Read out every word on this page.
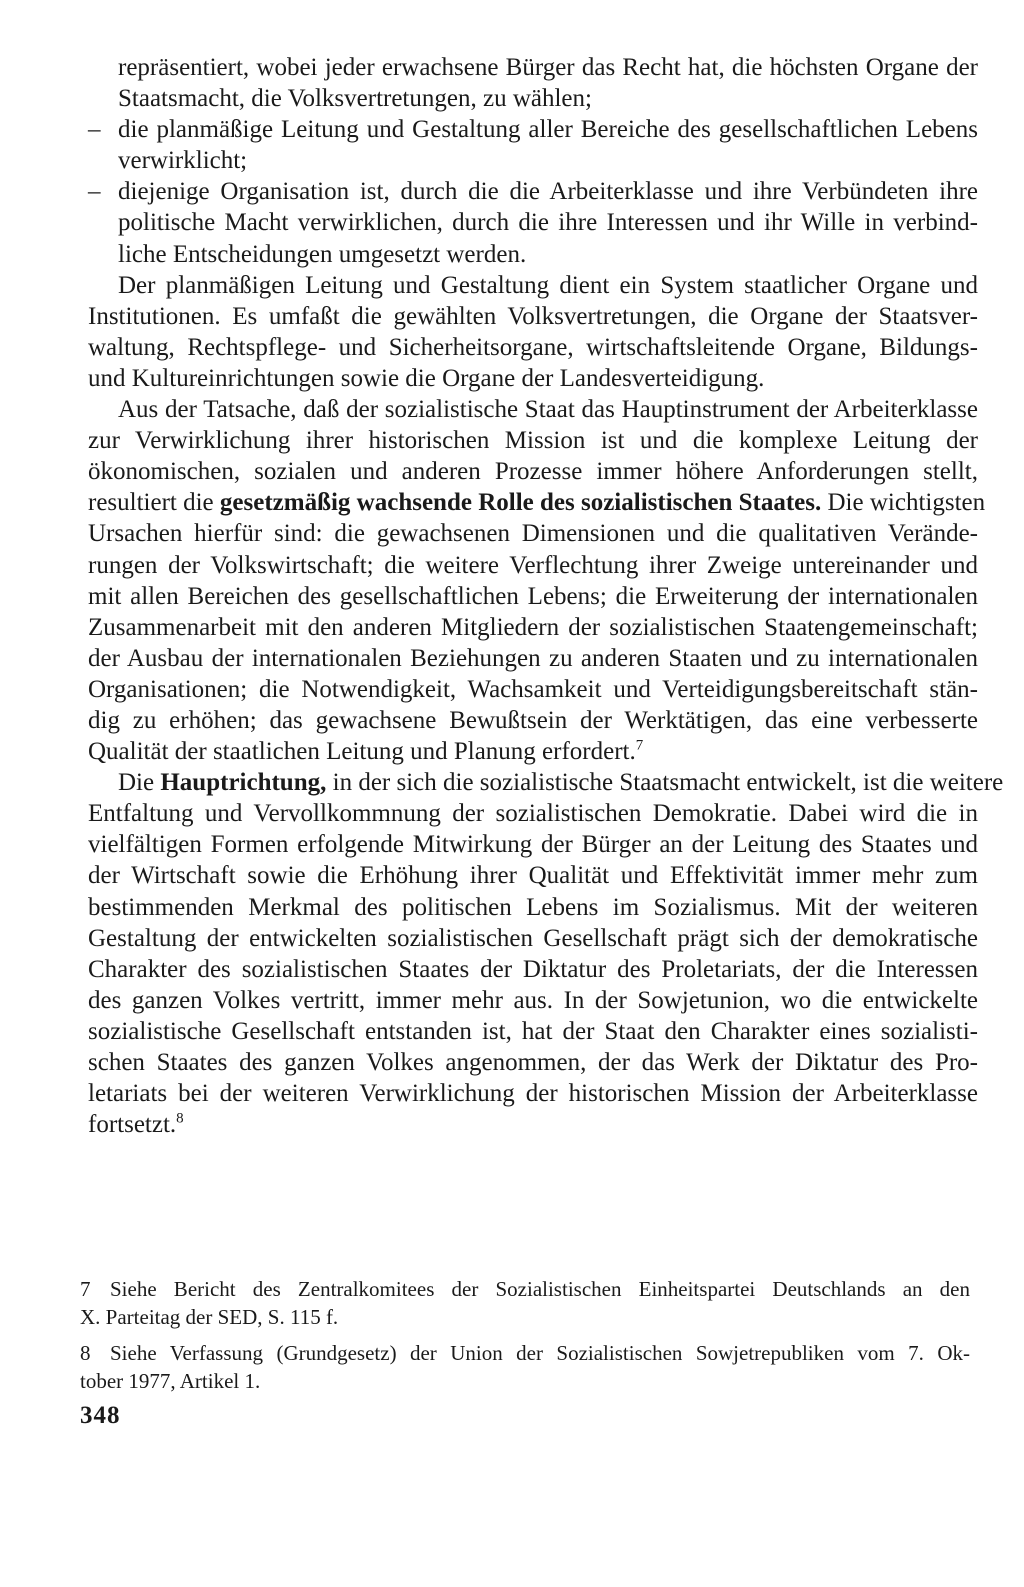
repräsentiert, wobei jeder erwachsene Bürger das Recht hat, die höchsten Organe der
Staatsmacht, die Volksvertretungen, zu wählen;
– die planmäßige Leitung und Gestaltung aller Bereiche des gesellschaftlichen Lebens
verwirklicht;
– diejenige Organisation ist, durch die die Arbeiterklasse und ihre Verbündeten ihre
politische Macht verwirklichen, durch die ihre Interessen und ihr Wille in verbind-
liche Entscheidungen umgesetzt werden.
Der planmäßigen Leitung und Gestaltung dient ein System staatlicher Organe und
Institutionen. Es umfaßt die gewählten Volksvertretungen, die Organe der Staatsver-
waltung, Rechtspflege- und Sicherheitsorgane, wirtschaftsleitende Organe, Bildungs-
und Kultureinrichtungen sowie die Organe der Landesverteidigung.
Aus der Tatsache, daß der sozialistische Staat das Hauptinstrument der Arbeiterklasse
zur Verwirklichung ihrer historischen Mission ist und die komplexe Leitung der
ökonomischen, sozialen und anderen Prozesse immer höhere Anforderungen stellt,
resultiert die gesetzmäßig wachsende Rolle des sozialistischen Staates. Die wichtigsten
Ursachen hierfür sind: die gewachsenen Dimensionen und die qualitativen Verände-
rungen der Volkswirtschaft; die weitere Verflechtung ihrer Zweige untereinander und
mit allen Bereichen des gesellschaftlichen Lebens; die Erweiterung der internationalen
Zusammenarbeit mit den anderen Mitgliedern der sozialistischen Staatengemeinschaft;
der Ausbau der internationalen Beziehungen zu anderen Staaten und zu internationalen
Organisationen; die Notwendigkeit, Wachsamkeit und Verteidigungsbereitschaft stän-
dig zu erhöhen; das gewachsene Bewußtsein der Werktätigen, das eine verbesserte
Qualität der staatlichen Leitung und Planung erfordert.$^7$
Die Hauptrichtung, in der sich die sozialistische Staatsmacht entwickelt, ist die weitere
Entfaltung und Vervollkommnung der sozialistischen Demokratie. Dabei wird die in
vielfältigen Formen erfolgende Mitwirkung der Bürger an der Leitung des Staates und
der Wirtschaft sowie die Erhöhung ihrer Qualität und Effektivität immer mehr zum
bestimmenden Merkmal des politischen Lebens im Sozialismus. Mit der weiteren
Gestaltung der entwickelten sozialistischen Gesellschaft prägt sich der demokratische
Charakter des sozialistischen Staates der Diktatur des Proletariats, der die Interessen
des ganzen Volkes vertritt, immer mehr aus. In der Sowjetunion, wo die entwickelte
sozialistische Gesellschaft entstanden ist, hat der Staat den Charakter eines sozialisti-
schen Staates des ganzen Volkes angenommen, der das Werk der Diktatur des Pro-
letariats bei der weiteren Verwirklichung der historischen Mission der Arbeiterklasse
fortsetzt.$^8$
7 Siehe Bericht des Zentralkomitees der Sozialistischen Einheitspartei Deutschlands an den
X. Parteitag der SED, S. 115 f.
8 Siehe Verfassung (Grundgesetz) der Union der Sozialistischen Sowjetrepubliken vom 7. Ok-
tober 1977, Artikel 1.
348
